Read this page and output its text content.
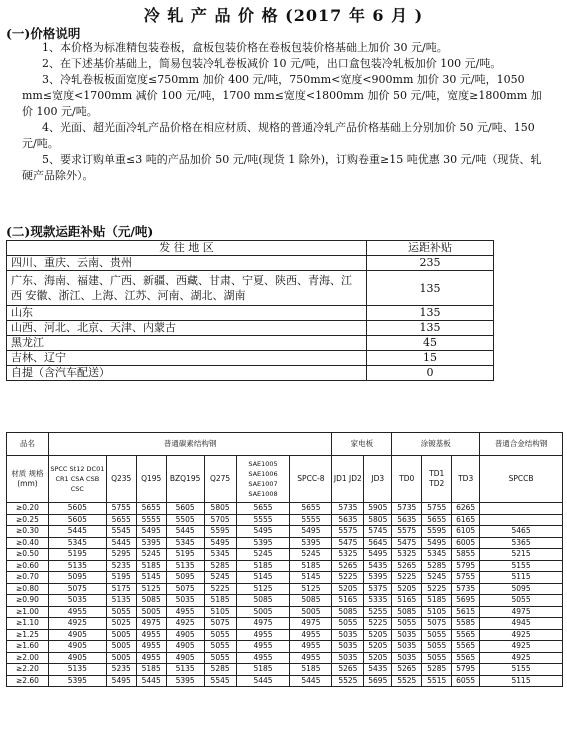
冷 轧 产 品 价 格 (2017 年 6 月 )
(一)价格说明

1、本价格为标准精包装卷板，盒板包装价格在卷板包装价格基础上加价 30 元/吨。

2、在下述基价基础上，简易包装冷轧卷板减价 10 元/吨，出口盒包装冷轧板加价 100 元/吨。

3、冷轧卷板板面宽度≤750mm 加价 400 元/吨，750mm<宽度<900mm 加价 30 元/吨，1050 mm≤宽度<1700mm 减价 100 元/吨，1700 mm≤宽度<1800mm 加价 50 元/吨，宽度≥1800mm 加价 100 元/吨。

4、光面、超光面冷轧产品价格在相应材质、规格的普通冷轧产品价格基础上分别加价 50 元/吨、150 元/吨。

5、要求订购单重≤3 吨的产品加价 50 元/吨(现货 1 除外)，订购卷重≥15 吨优惠 30 元/吨（现货、轧硬产品除外）。

(二)现款运距补贴（元/吨)
发 往 地 区	运距补贴
四川、重庆、云南、贵州	235
广东、海南、福建、广西、新疆、西藏、甘肃、宁夏、陕西、青海、江西 安徽、浙江、上海、江苏、河南、湖北、湖南	135
山东	135
山西、河北、北京、天津、内蒙古	135
黑龙江	45
吉林、辽宁	15
自提（含汽车配送）	0
品名	普通碳素结构钢							家电板		涂镀基板			普通合金结构钢
材质 规格 (mm)	SPCC St12 DC01 CR1 CSA CSB CSC	Q235	Q195	BZQ195	Q275	SAE1005 SAE1006 SAE1007 SAE1008	SPCC-8	JD1 JD2	JD3	TD0	TD1 TD2	TD3	SPCCB
≥0.20	5605	5755	5655	5605	5805	5655	5655	5735	5905	5735	5755	6265	
≥0.25	5605	5655	5555	5505	5705	5555	5555	5635	5805	5635	5655	6165	
≥0.30	5445	5545	5495	5445	5595	5495	5495	5575	5745	5575	5595	6105	5465
≥0.40	5345	5445	5395	5345	5495	5395	5395	5475	5645	5475	5495	6005	5365
≥0.50	5195	5295	5245	5195	5345	5245	5245	5325	5495	5325	5345	5855	5215
≥0.60	5135	5235	5185	5135	5285	5185	5185	5265	5435	5265	5285	5795	5155
≥0.70	5095	5195	5145	5095	5245	5145	5145	5225	5395	5225	5245	5755	5115
≥0.80	5075	5175	5125	5075	5225	5125	5125	5205	5375	5205	5225	5735	5095
≥0.90	5035	5135	5085	5035	5185	5085	5085	5165	5335	5165	5185	5695	5055
≥1.00	4955	5055	5005	4955	5105	5005	5005	5085	5255	5085	5105	5615	4975
≥1.10	4925	5025	4975	4925	5075	4975	4975	5055	5225	5055	5075	5585	4945
≥1.25	4905	5005	4955	4905	5055	4955	4955	5035	5205	5035	5055	5565	4925
≥1.60	4905	5005	4955	4905	5055	4955	4955	5035	5205	5035	5055	5565	4925
≥2.00	4905	5005	4955	4905	5055	4955	4955	5035	5205	5035	5055	5565	4925
≥2.20	5135	5235	5185	5135	5285	5185	5185	5265	5435	5265	5285	5795	5155
≥2.60	5395	5495	5445	5395	5545	5445	5445	5525	5695	5525	5515	6055	5115
